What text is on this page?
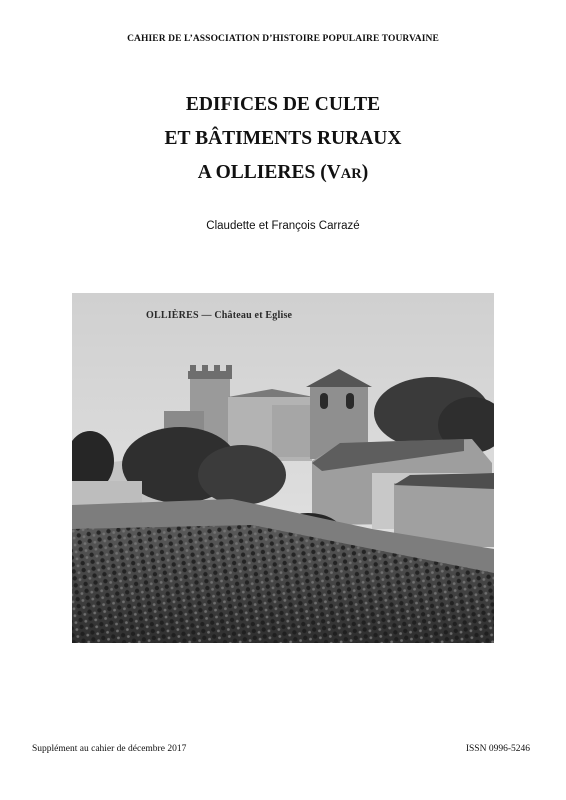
CAHIER DE L’ASSOCIATION D’HISTOIRE POPULAIRE TOURVAINE
EDIFICES DE CULTE
ET BÂTIMENTS RURAUX
A OLLIERES (VAR)
Claudette et François Carrazé
OLLIÈRES — Château et Eglise
Supplément au cahier de décembre 2017	ISSN 0996-5246
